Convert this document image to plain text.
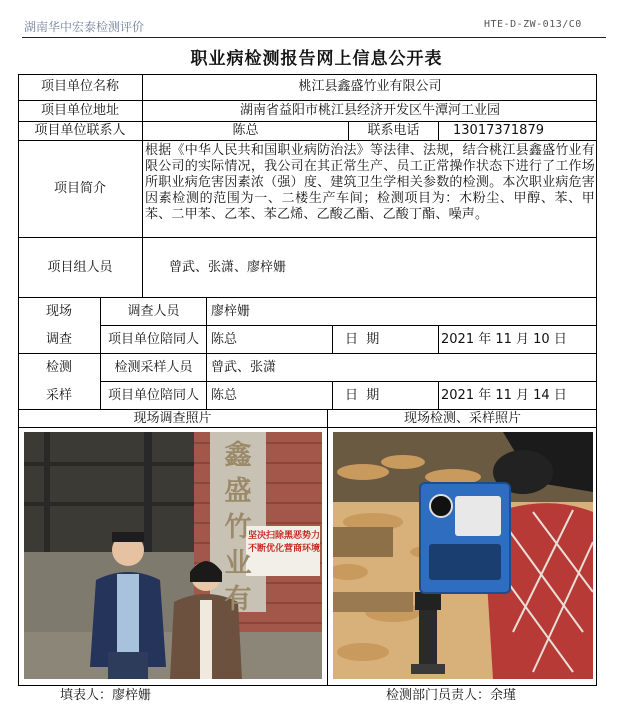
湖南华中宏泰检测评价	HTE-D-ZW-013/C0
职业病检测报告网上信息公开表
项目单位名称	桃江县鑫盛竹业有限公司
项目单位地址	湖南省益阳市桃江县经济开发区牛潭河工业园
项目单位联系人	陈总	联系电话	13017371879
项目简介
根据《中华人民共和国职业病防治法》等法律、法规，结合桃江县鑫盛竹业有限公司的实际情况，我公司在其正常生产、员工正常操作状态下进行了工作场所职业病危害因素浓（强）度、建筑卫生学相关参数的检测。本次职业病危害因素检测的范围为一、二楼生产车间；检测项目为：木粉尘、甲醇、苯、甲苯、二甲苯、乙苯、苯乙烯、乙酸乙酯、乙酸丁酯、噪声。
项目组人员	曾武、张潇、廖梓姗
现场
调查
调查人员	廖梓姗
项目单位陪同人 陈总	日  期	2021 年 11 月 10 日
检测
采样
检测采样人员	曾武、张潇
项目单位陪同人 陈总	日  期	2021 年 11 月 14 日
现场调查照片	现场检测、采样照片
鑫
盛
竹
业
有
坚决扫除黑恶势力
不断优化营商环境
填表人：廖梓姗	检测部门员责人：余瑾
